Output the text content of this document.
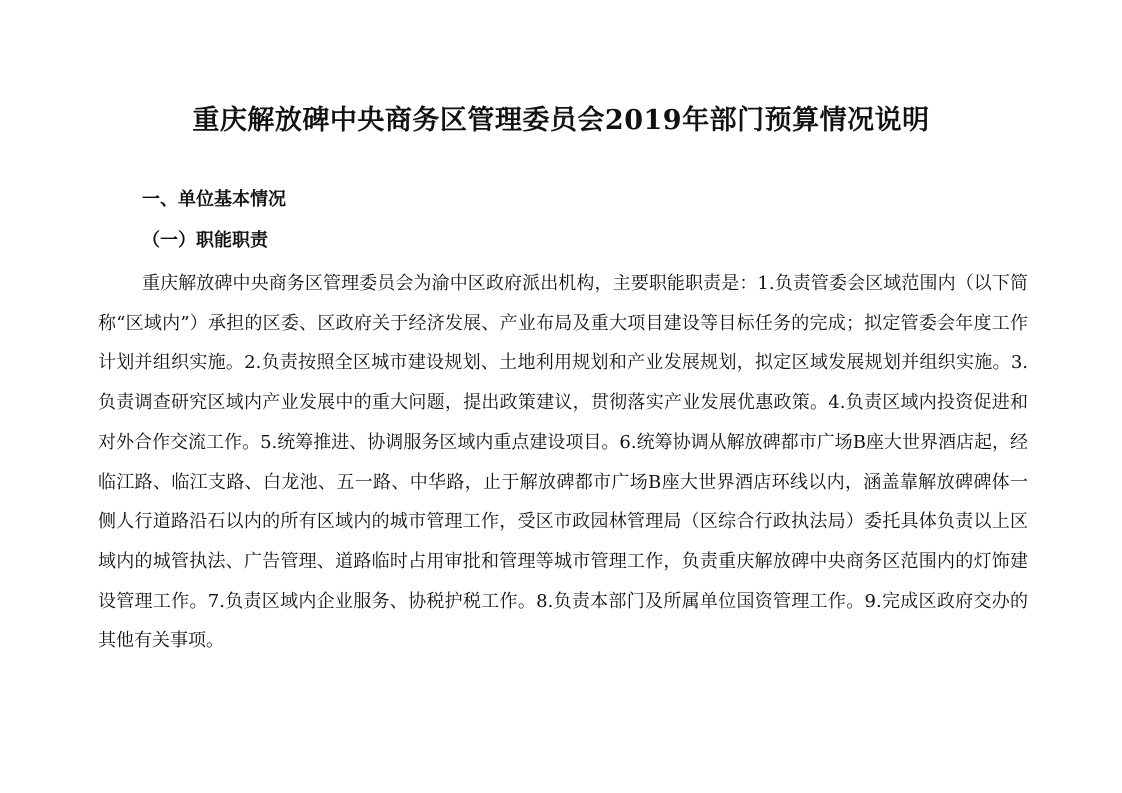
重庆解放碑中央商务区管理委员会2019年部门预算情况说明
一、单位基本情况
（一）职能职责

重庆解放碑中央商务区管理委员会为渝中区政府派出机构，主要职能职责是：1.负责管委会区域范围内（以下简称“区域内”）承担的区委、区政府关于经济发展、产业布局及重大项目建设等目标任务的完成；拟定管委会年度工作计划并组织实施。2.负责按照全区城市建设规划、土地利用规划和产业发展规划，拟定区域发展规划并组织实施。3.负责调查研究区域内产业发展中的重大问题，提出政策建议，贯彻落实产业发展优惠政策。4.负责区域内投资促进和对外合作交流工作。5.统筹推进、协调服务区域内重点建设项目。6.统筹协调从解放碑都市广场B座大世界酒店起，经临江路、临江支路、白龙池、五一路、中华路，止于解放碑都市广场B座大世界酒店环线以内，涵盖靠解放碑碑体一侧人行道路沿石以内的所有区域内的城市管理工作，受区市政园林管理局（区综合行政执法局）委托具体负责以上区域内的城管执法、广告管理、道路临时占用审批和管理等城市管理工作，负责重庆解放碑中央商务区范围内的灯饰建设管理工作。7.负责区域内企业服务、协税护税工作。8.负责本部门及所属单位国资管理工作。9.完成区政府交办的其他有关事项。
